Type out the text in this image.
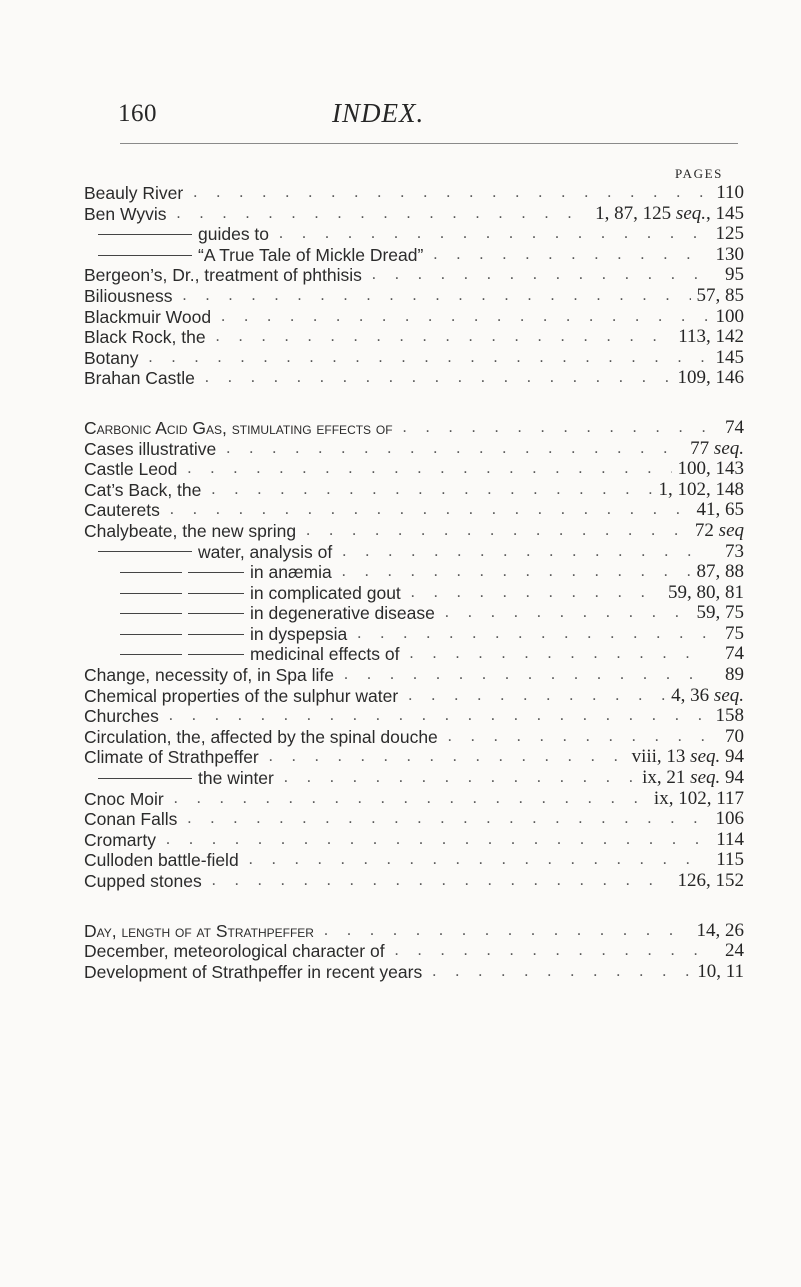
160	INDEX.
PAGES
Beauly River . . .	110
Ben Wyvis . . .	1, 87, 125 seq., 145
guides to . . .	125
“A True Tale of Mickle Dread” . . .	130
Bergeon’s, Dr., treatment of phthisis . . .	95
Biliousness . . .	57, 85
Blackmuir Wood . . .	100
Black Rock, the . . .	113, 142
Botany . . .	145
Brahan Castle . . .	109, 146
Carbonic Acid Gas, stimulating effects of . . .	74
Cases illustrative . . .	77 seq.
Castle Leod . . .	100, 143
Cat’s Back, the . . .	1, 102, 148
Cauterets . . .	41, 65
Chalybeate, the new spring . . .	72 seq
water, analysis of . . .	73
in anæmia . . .	87, 88
in complicated gout . . .	59, 80, 81
in degenerative disease . . .	59, 75
in dyspepsia . . .	75
medicinal effects of . . .	74
Change, necessity of, in Spa life . . .	89
Chemical properties of the sulphur water . . .	4, 36 seq.
Churches . . .	158
Circulation, the, affected by the spinal douche . . .	70
Climate of Strathpeffer . . .	viii, 13 seq. 94
the winter . . .	ix, 21 seq. 94
Cnoc Moir . . .	ix, 102, 117
Conan Falls . . .	106
Cromarty . . .	114
Culloden battle-field . . .	115
Cupped stones . . .	126, 152
Day, length of at Strathpeffer . . .	14, 26
December, meteorological character of . . .	24
Development of Strathpeffer in recent years . . .	10, 11
